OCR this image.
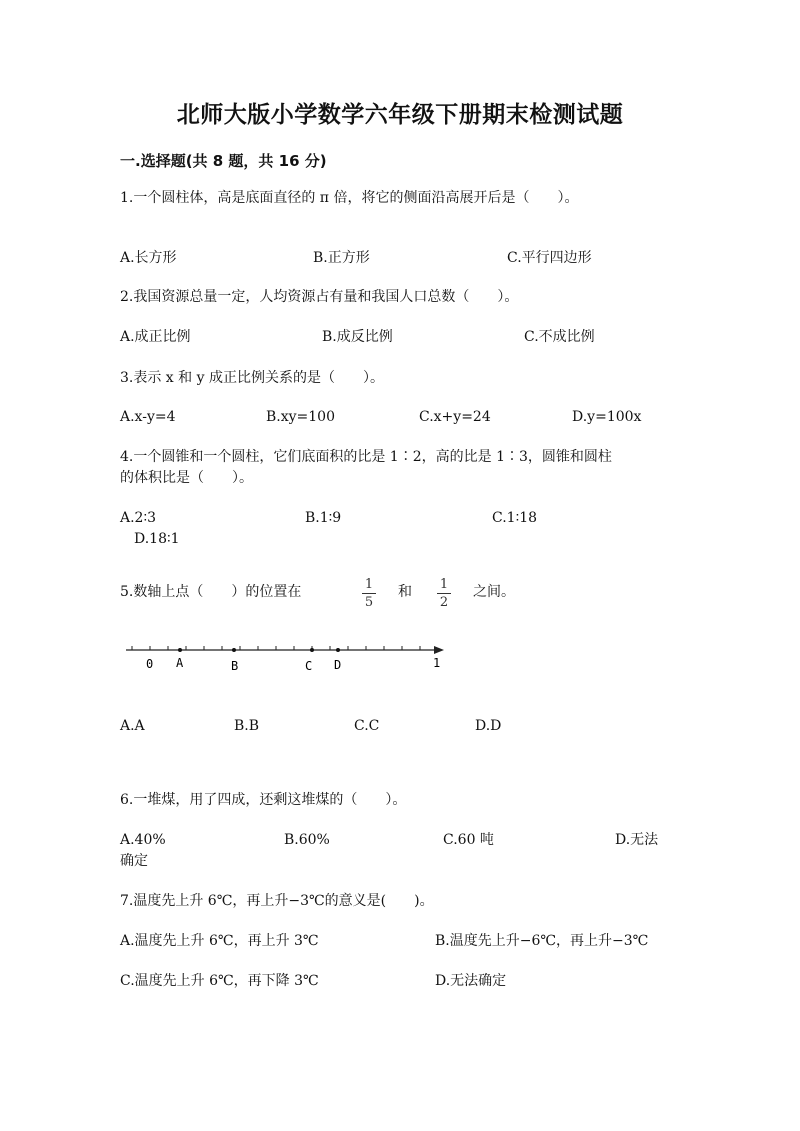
北师大版小学数学六年级下册期末检测试题
一.选择题(共 8 题，共 16 分)
1.一个圆柱体，高是底面直径的 π 倍，将它的侧面沿高展开后是（　　）。
A.长方形	B.正方形	C.平行四边形
2.我国资源总量一定，人均资源占有量和我国人口总数（　　）。
A.成正比例	B.成反比例	C.不成比例
3.表示 x 和 y 成正比例关系的是（　　）。
A.x-y=4	B.xy=100	C.x+y=24	D.y=100x
4.一个圆锥和一个圆柱，它们底面积的比是 1∶2，高的比是 1∶3，圆锥和圆柱
的体积比是（　　）。
A.2∶3	B.1∶9	C.1∶18
D.18∶1
5.数轴上点（　　）的位置在	1
5
和 1
2
之间。
0 A	B	C D	1
A.A	B.B	C.C	D.D
6.一堆煤，用了四成，还剩这堆煤的（　　）。
A.40%	B.60%	C.60 吨	D.无法
确定
7.温度先上升 6℃，再上升−3℃的意义是(　　)。
A.温度先上升 6℃，再上升 3℃	B.温度先上升−6℃，再上升−3℃
C.温度先上升 6℃，再下降 3℃	D.无法确定
